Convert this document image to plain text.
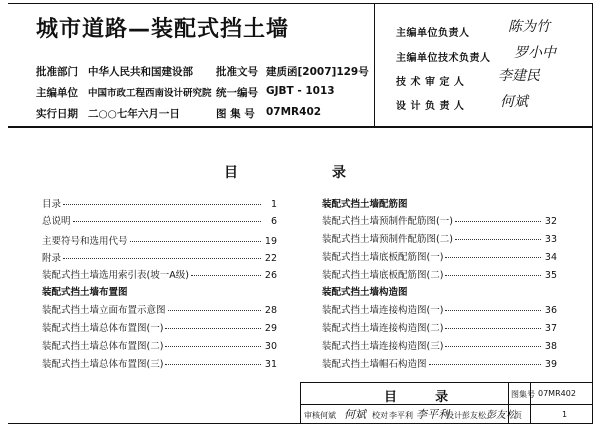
城市道路—装配式挡土墙
批准部门 中华人民共和国建设部 批准文号 建质函[2007]129号
主编单位 中国市政工程西南设计研究院 统一编号 GJBT - 1013
实行日期 二○○七年六月一日	图 集 号 07MR402
主编单位负责人	陈为竹
主编单位技术负责人 罗小中
技 术 审 定 人 李建民
设 计 负 责 人	何斌
目	录
目录	1
总说明	6
主要符号和选用代号	19
附录	22
装配式挡土墙选用索引表(坡一A级)	26
装配式挡土墙布置图
装配式挡土墙立面布置示意图	28
装配式挡土墙总体布置图(一)	29
装配式挡土墙总体布置图(二)	30
装配式挡土墙总体布置图(三)	31
装配式挡土墙配筋图
装配式挡土墙预制件配筋图(一)	32
装配式挡土墙预制件配筋图(二)	33
装配式挡土墙底板配筋图(一)	34
装配式挡土墙底板配筋图(二)	35
装配式挡土墙构造图
装配式挡土墙连接构造图(一)	36
装配式挡土墙连接构造图(二)	37
装配式挡土墙连接构造图(三)	38
装配式挡土墙帽石构造图	39
目    录	图集号 07MR402
审核 何斌 何斌 校对 李平利 李平利
设计 彭友松 彭友松
页	1
